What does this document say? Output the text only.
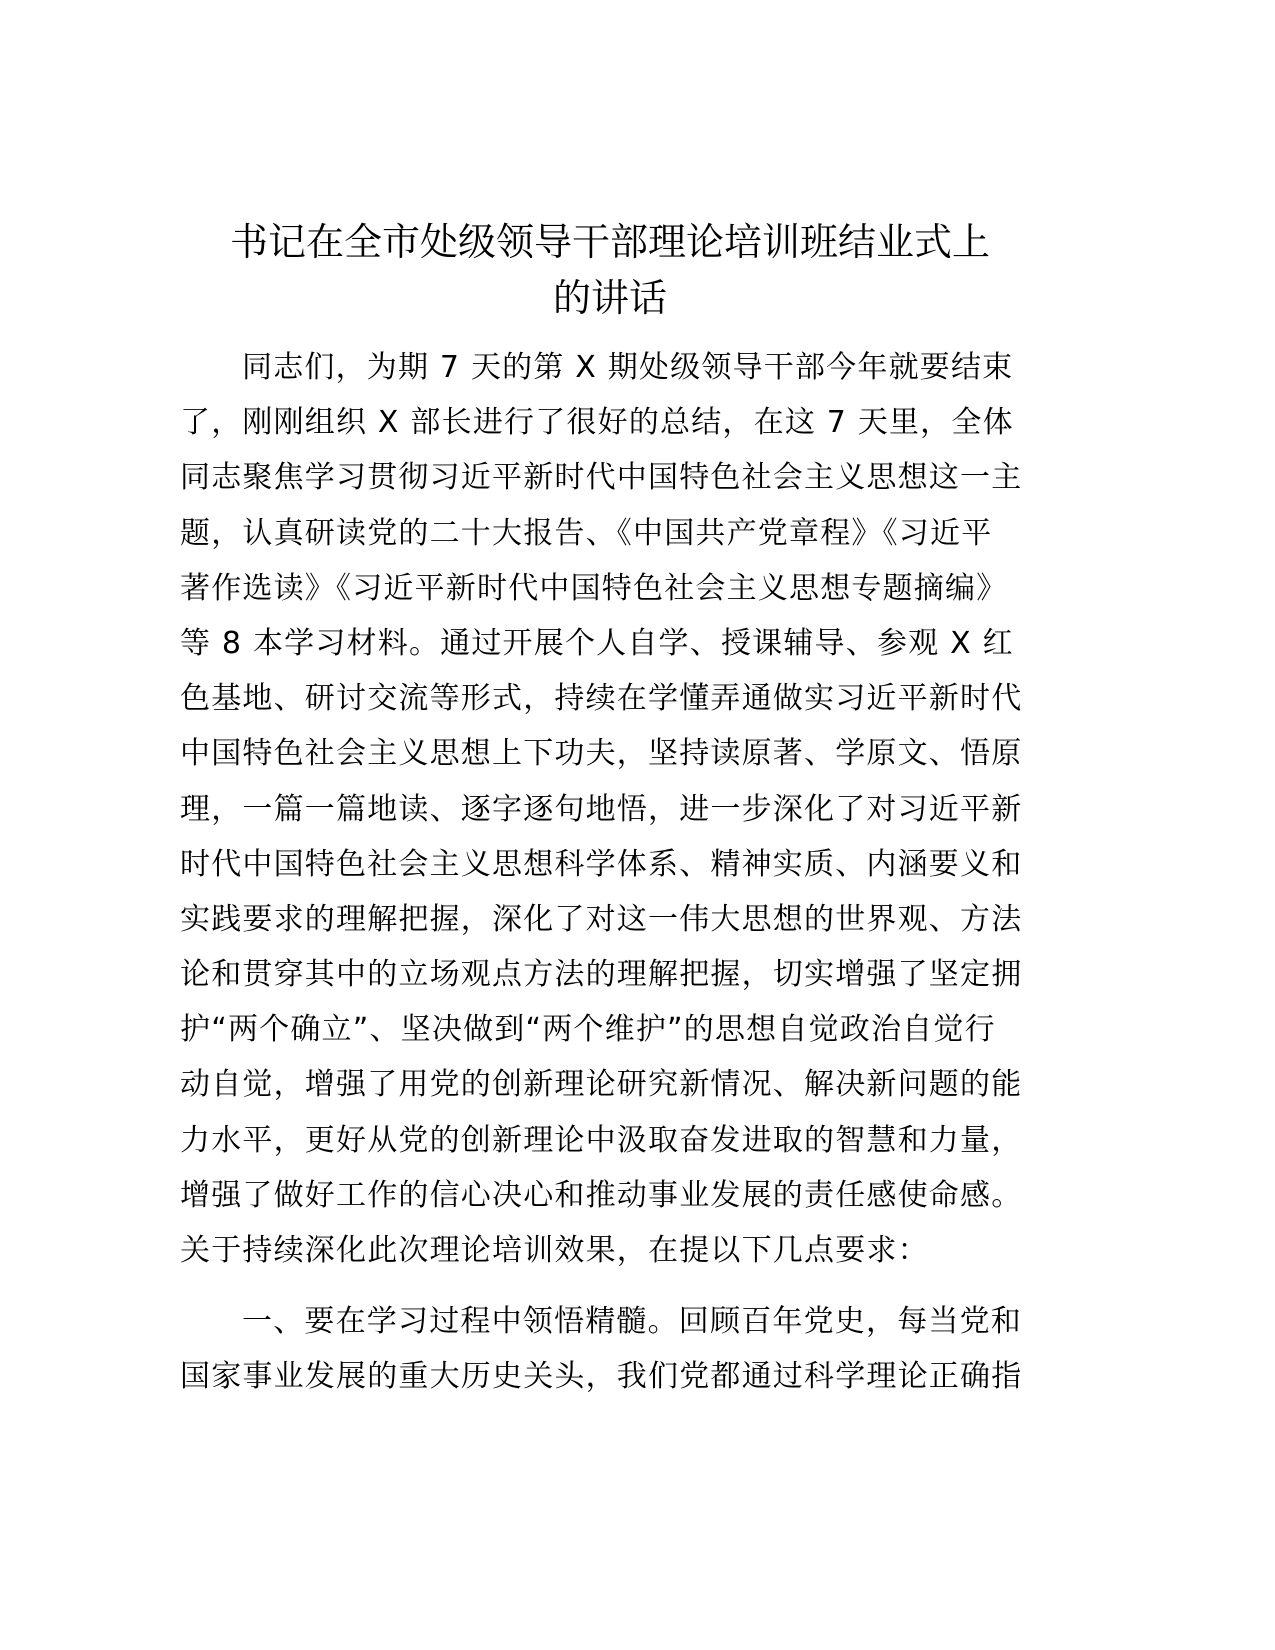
书记在全市处级领导干部理论培训班结业式上
的讲话
同志们，为期 7 天的第 X 期处级领导干部今年就要结束
了，刚刚组织 X 部长进行了很好的总结，在这 7 天里，全体
同志聚焦学习贯彻习近平新时代中国特色社会主义思想这一主
题，认真研读党的二十大报告、《中国共产党章程》《习近平
著作选读》《习近平新时代中国特色社会主义思想专题摘编》
等 8 本学习材料。通过开展个人自学、授课辅导、参观 X 红
色基地、研讨交流等形式，持续在学懂弄通做实习近平新时代
中国特色社会主义思想上下功夫，坚持读原著、学原文、悟原
理，一篇一篇地读、逐字逐句地悟，进一步深化了对习近平新
时代中国特色社会主义思想科学体系、精神实质、内涵要义和
实践要求的理解把握，深化了对这一伟大思想的世界观、方法
论和贯穿其中的立场观点方法的理解把握，切实增强了坚定拥
护“两个确立”、坚决做到“两个维护”的思想自觉政治自觉行
动自觉，增强了用党的创新理论研究新情况、解决新问题的能
力水平，更好从党的创新理论中汲取奋发进取的智慧和力量，
增强了做好工作的信心决心和推动事业发展的责任感使命感。
关于持续深化此次理论培训效果，在提以下几点要求：
一、要在学习过程中领悟精髓。回顾百年党史，每当党和
国家事业发展的重大历史关头，我们党都通过科学理论正确指
